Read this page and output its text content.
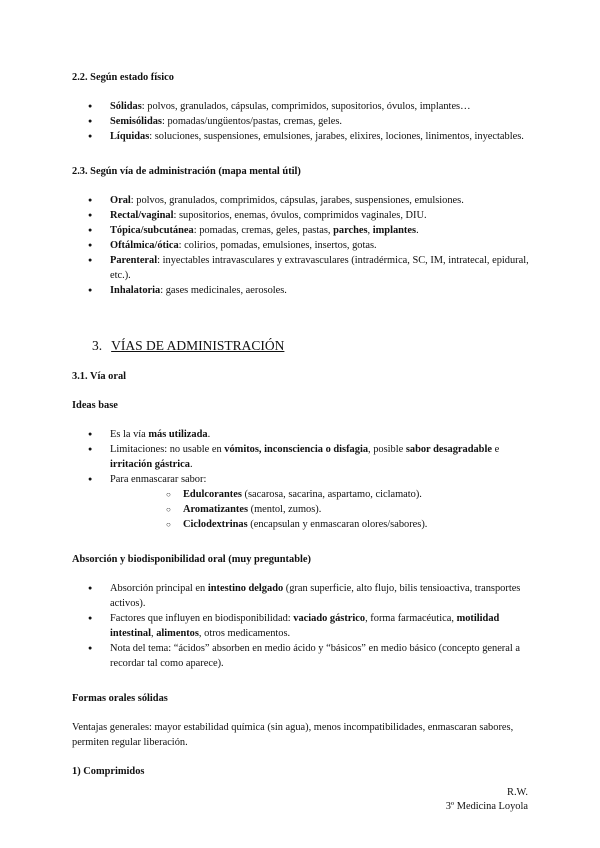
2.2. Según estado físico
● Sólidas: polvos, granulados, cápsulas, comprimidos, supositorios, óvulos, implantes…
● Semisólidas: pomadas/ungüentos/pastas, cremas, geles.
● Líquidas: soluciones, suspensiones, emulsiones, jarabes, elixires, lociones, linimentos, inyectables.
2.3. Según vía de administración (mapa mental útil)
● Oral: polvos, granulados, comprimidos, cápsulas, jarabes, suspensiones, emulsiones.
● Rectal/vaginal: supositorios, enemas, óvulos, comprimidos vaginales, DIU.
● Tópica/subcutánea: pomadas, cremas, geles, pastas, parches, implantes.
● Oftálmica/ótica: colirios, pomadas, emulsiones, insertos, gotas.
● Parenteral: inyectables intravasculares y extravasculares (intradérmica, SC, IM, intratecal, epidural, etc.).
● Inhalatoria: gases medicinales, aerosoles.
3. VÍAS DE ADMINISTRACIÓN
3.1. Vía oral
Ideas base
● Es la vía más utilizada.
● Limitaciones: no usable en vómitos, inconsciencia o disfagia, posible sabor desagradable e irritación gástrica.
● Para enmascarar sabor:
○ Edulcorantes (sacarosa, sacarina, aspartamo, ciclamato).
○ Aromatizantes (mentol, zumos).
○ Ciclodextrinas (encapsulan y enmascaran olores/sabores).
Absorción y biodisponibilidad oral (muy preguntable)
● Absorción principal en intestino delgado (gran superficie, alto flujo, bilis tensioactiva, transportes activos).
● Factores que influyen en biodisponibilidad: vaciado gástrico, forma farmacéutica, motilidad intestinal, alimentos, otros medicamentos.
● Nota del tema: “ácidos” absorben en medio ácido y “básicos” en medio básico (concepto general a recordar tal como aparece).
Formas orales sólidas

Ventajas generales: mayor estabilidad química (sin agua), menos incompatibilidades, enmascaran sabores, permiten regular liberación.

1) Comprimidos
R.W.
3º Medicina Loyola
